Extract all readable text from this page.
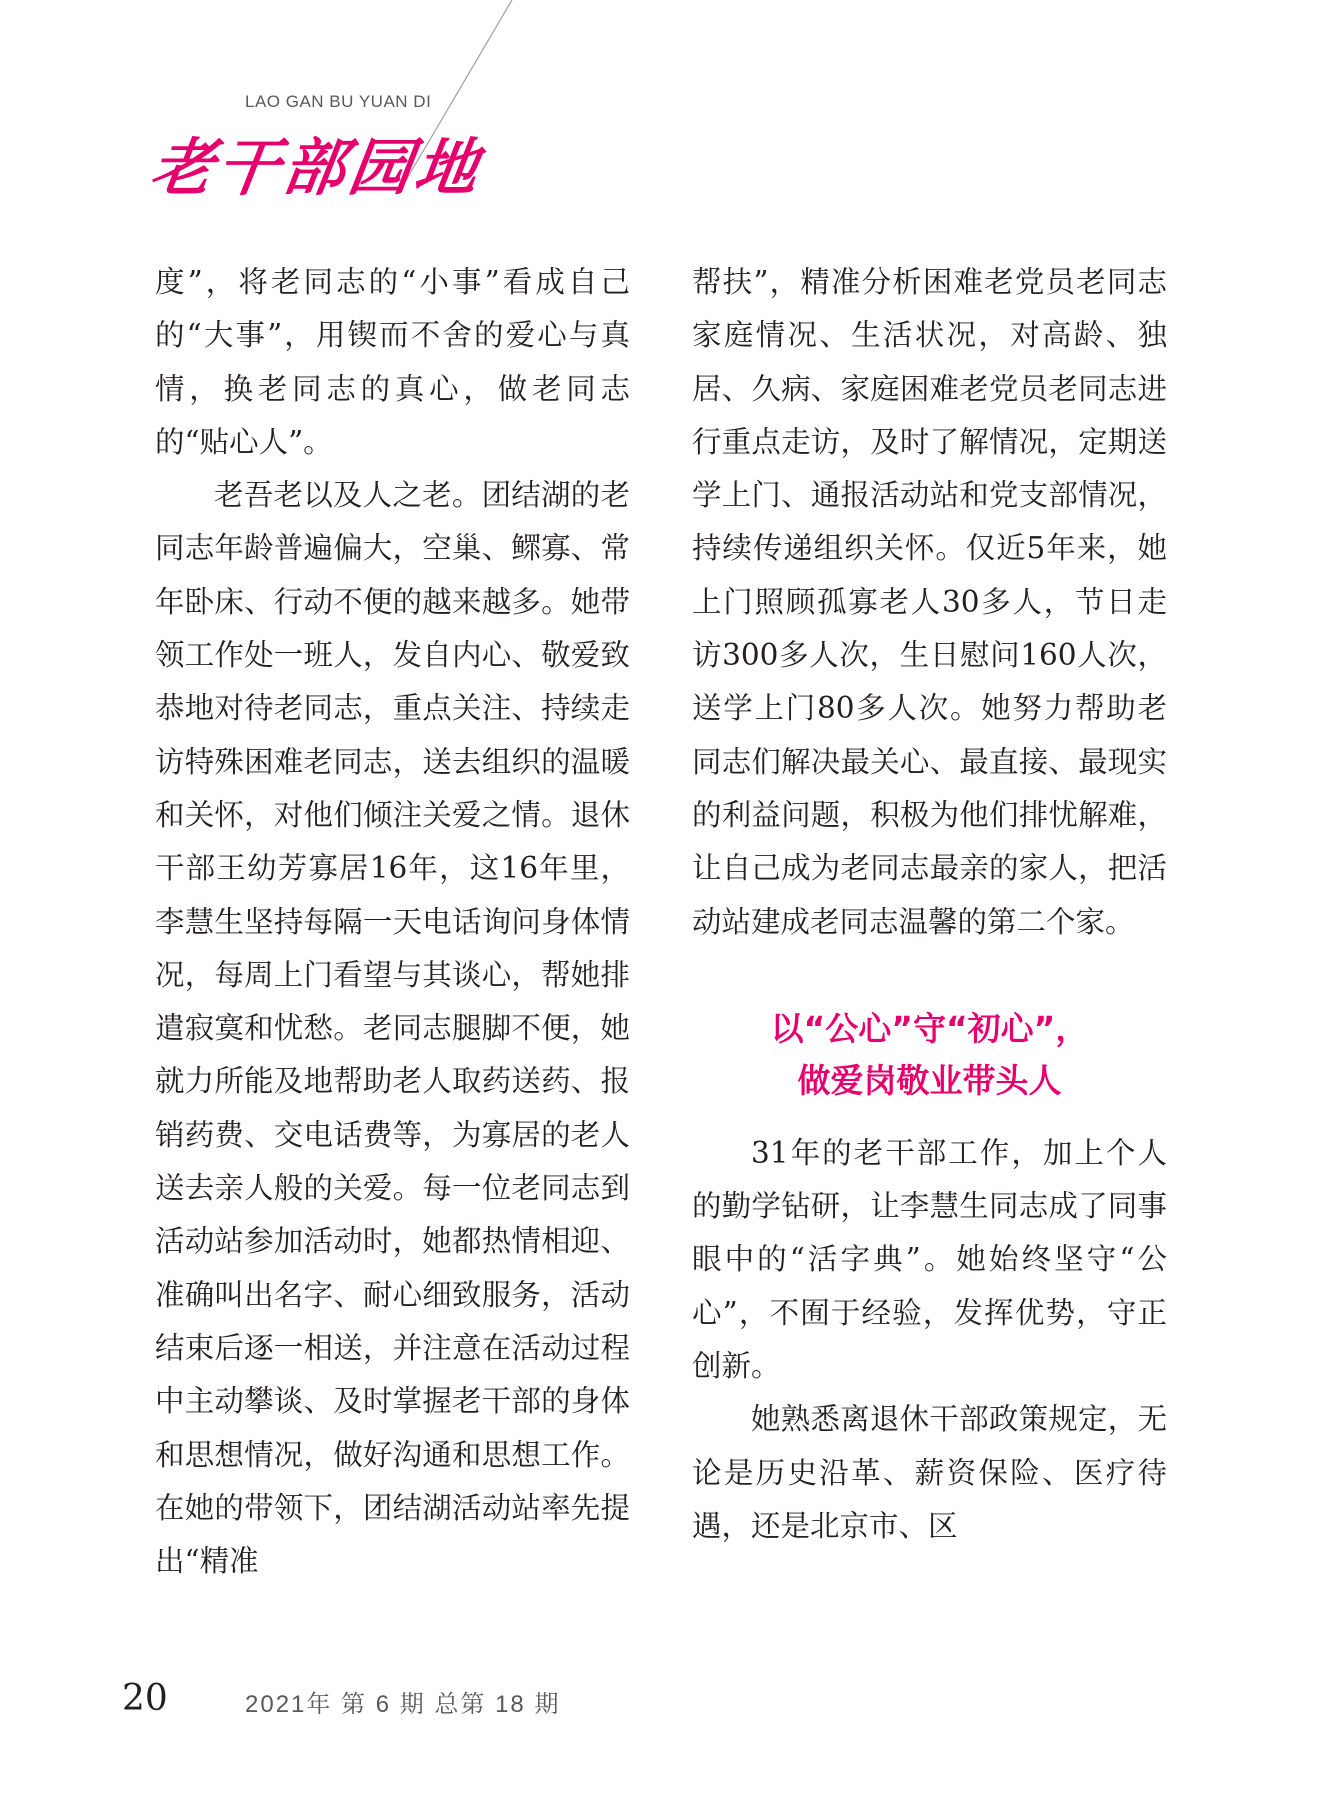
LAO GAN BU YUAN DI
老干部园地

度”，将老同志的“小事”看成自己的“大事”，用锲而不舍的爱心与真情，换老同志的真心，做老同志的“贴心人”。

老吾老以及人之老。团结湖的老同志年龄普遍偏大，空巢、鳏寡、常年卧床、行动不便的越来越多。她带领工作处一班人，发自内心、敬爱致恭地对待老同志，重点关注、持续走访特殊困难老同志，送去组织的温暖和关怀，对他们倾注关爱之情。退休干部王幼芳寡居16年，这16年里，李慧生坚持每隔一天电话询问身体情况，每周上门看望与其谈心，帮她排遣寂寞和忧愁。老同志腿脚不便，她就力所能及地帮助老人取药送药、报销药费、交电话费等，为寡居的老人送去亲人般的关爱。每一位老同志到活动站参加活动时，她都热情相迎、准确叫出名字、耐心细致服务，活动结束后逐一相送，并注意在活动过程中主动攀谈、及时掌握老干部的身体和思想情况，做好沟通和思想工作。在她的带领下，团结湖活动站率先提出“精准

帮扶”，精准分析困难老党员老同志家庭情况、生活状况，对高龄、独居、久病、家庭困难老党员老同志进行重点走访，及时了解情况，定期送学上门、通报活动站和党支部情况，持续传递组织关怀。仅近5年来，她上门照顾孤寡老人30多人，节日走访300多人次，生日慰问160人次，送学上门80多人次。她努力帮助老同志们解决最关心、最直接、最现实的利益问题，积极为他们排忧解难，让自己成为老同志最亲的家人，把活动站建成老同志温馨的第二个家。

以“公心”守“初心”，
做爱岗敬业带头人

31年的老干部工作，加上个人的勤学钻研，让李慧生同志成了同事眼中的“活字典”。她始终坚守“公心”，不囿于经验，发挥优势，守正创新。

她熟悉离退休干部政策规定，无论是历史沿革、薪资保险、医疗待遇，还是北京市、区

20	2021年 第 6 期 总第 18 期
